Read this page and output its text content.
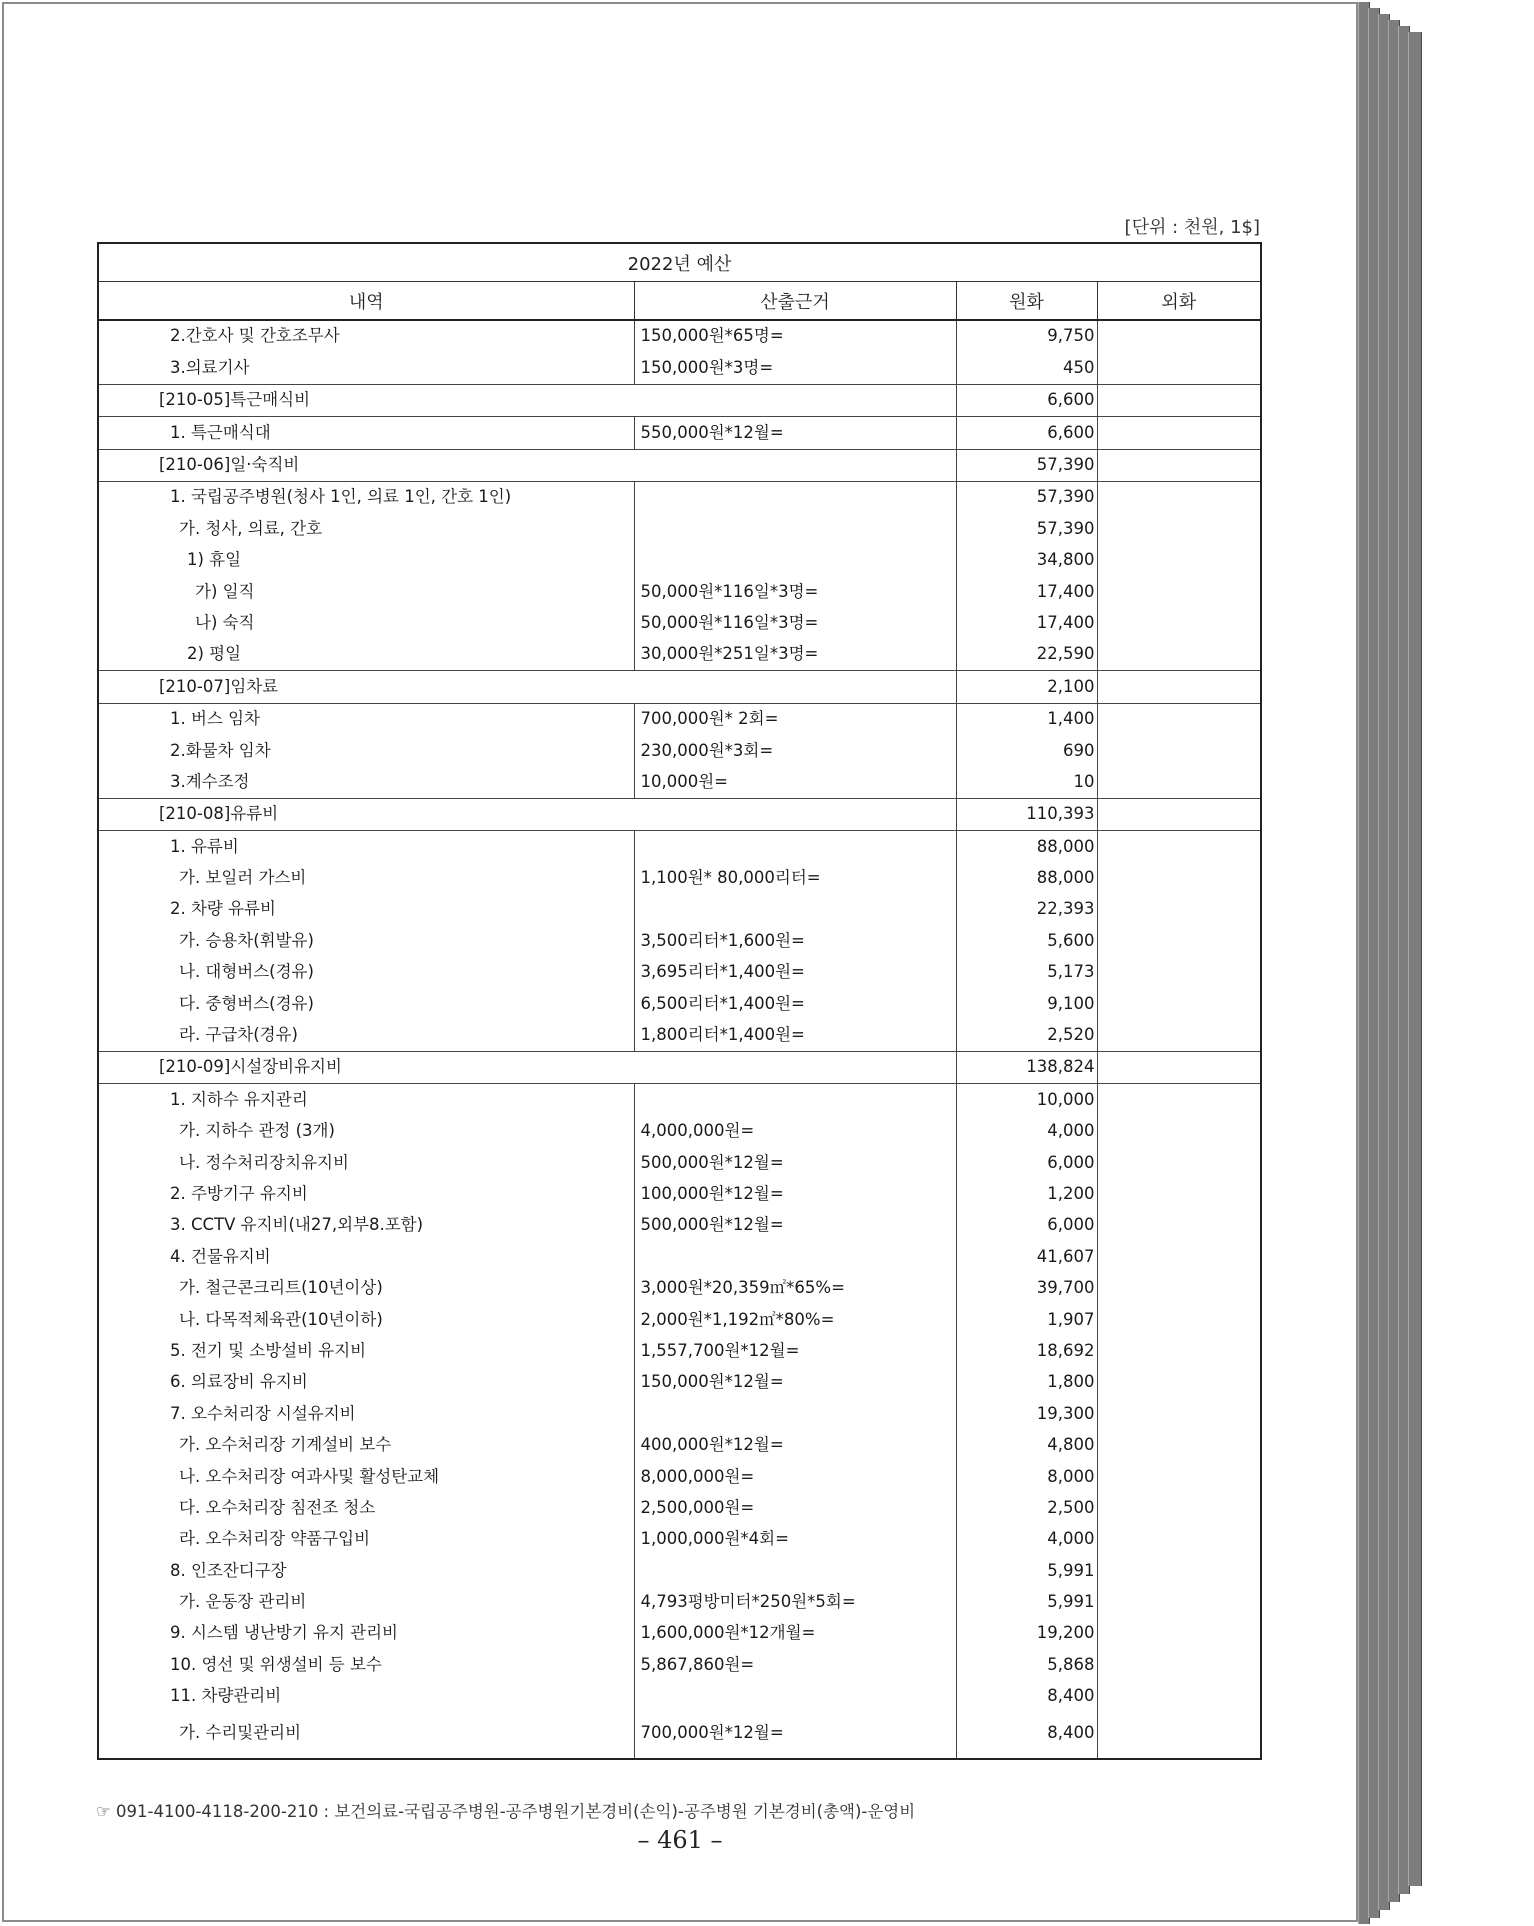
[단위 : 천원, 1$]
2022년 예산			
내역	산출근거	원화	외화
2.간호사 및 간호조무사	150,000원*65명=	9,750	
3.의료기사	150,000원*3명=	450	
[210-05]특근매식비		6,600	
1. 특근매식대	550,000원*12월=	6,600	
[210-06]일·숙직비		57,390	
1. 국립공주병원(청사 1인, 의료 1인, 간호 1인)		57,390	
가. 청사, 의료, 간호		57,390	
1) 휴일		34,800	
가) 일직	50,000원*116일*3명=	17,400	
나) 숙직	50,000원*116일*3명=	17,400	
2) 평일	30,000원*251일*3명=	22,590	
[210-07]임차료		2,100	
1. 버스 임차	700,000원* 2회=	1,400	
2.화물차 임차	230,000원*3회=	690	
3.계수조정	10,000원=	10	
[210-08]유류비		110,393	
1. 유류비		88,000	
가. 보일러 가스비	1,100원* 80,000리터=	88,000	
2. 차량 유류비		22,393	
가. 승용차(휘발유)	3,500리터*1,600원=	5,600	
나. 대형버스(경유)	3,695리터*1,400원=	5,173	
다. 중형버스(경유)	6,500리터*1,400원=	9,100	
라. 구급차(경유)	1,800리터*1,400원=	2,520	
[210-09]시설장비유지비		138,824	
1. 지하수 유지관리		10,000	
가. 지하수 관정 (3개)	4,000,000원=	4,000	
나. 정수처리장치유지비	500,000원*12월=	6,000	
2. 주방기구 유지비	100,000원*12월=	1,200	
3. CCTV 유지비(내27,외부8.포함)	500,000원*12월=	6,000	
4. 건물유지비		41,607	
가. 철근콘크리트(10년이상)	3,000원*20,359㎡*65%=	39,700	
나. 다목적체육관(10년이하)	2,000원*1,192㎡*80%=	1,907	
5. 전기 및 소방설비 유지비	1,557,700원*12월=	18,692	
6. 의료장비 유지비	150,000원*12월=	1,800	
7. 오수처리장 시설유지비		19,300	
가. 오수처리장 기계설비 보수	400,000원*12월=	4,800	
나. 오수처리장 여과사및 활성탄교체	8,000,000원=	8,000	
다. 오수처리장 침전조 청소	2,500,000원=	2,500	
라. 오수처리장 약품구입비	1,000,000원*4회=	4,000	
8. 인조잔디구장		5,991	
가. 운동장 관리비	4,793평방미터*250원*5회=	5,991	
9. 시스템 냉난방기 유지 관리비	1,600,000원*12개월=	19,200	
10. 영선 및 위생설비 등 보수	5,867,860원=	5,868	
11. 차량관리비		8,400	
가. 수리및관리비	700,000원*12월=	8,400	
☞ 091-4100-4118-200-210 : 보건의료-국립공주병원-공주병원기본경비(손익)-공주병원 기본경비(총액)-운영비
– 461 –
